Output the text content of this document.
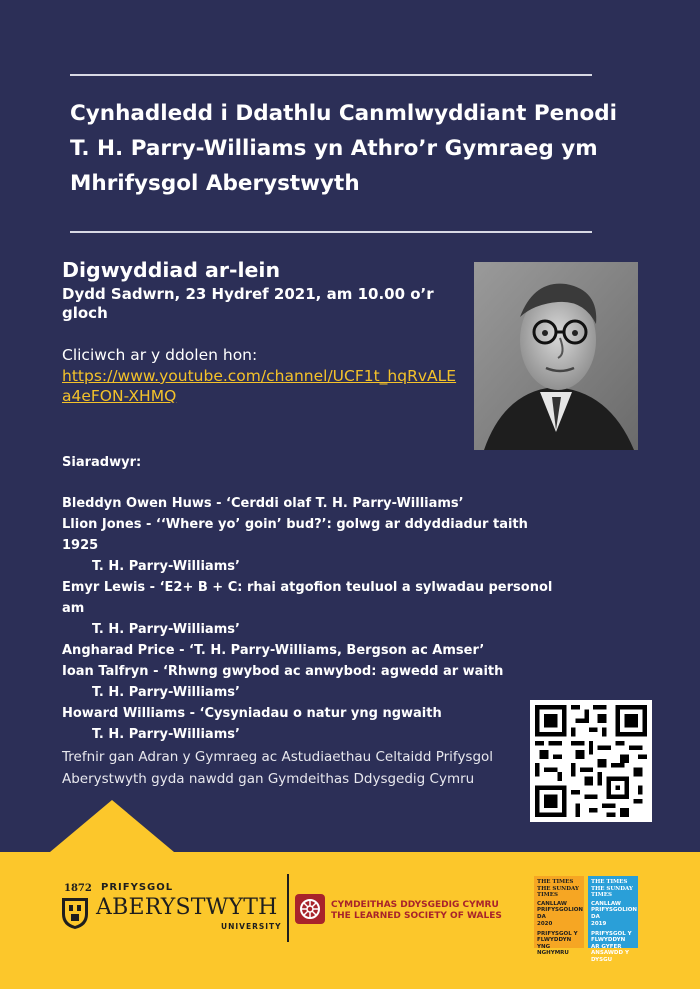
Cynhadledd i Ddathlu Canmlwyddiant Penodi
T. H. Parry-Williams yn Athro’r Gymraeg ym
Mhrifysgol Aberystwyth
Digwyddiad ar-lein
Dydd Sadwrn, 23 Hydref 2021, am 10.00 o’r gloch
Cliciwch ar y ddolen hon:
https://www.youtube.com/channel/UCF1t_hqRvALEa4eFON-XHMQ
Siaradwyr:

Bleddyn Owen Huws - ‘Cerddi olaf T. H. Parry-Williams’

Llion Jones - ‘‘Where yo’ goin’ bud?’: golwg ar ddyddiadur taith 1925
T. H. Parry-Williams’

Emyr Lewis - ‘E2+ B + C: rhai atgofion teuluol a sylwadau personol am
T. H. Parry-Williams’

Angharad Price - ‘T. H. Parry-Williams, Bergson ac Amser’

Ioan Talfryn - ‘Rhwng gwybod ac anwybod: agwedd ar waith
T. H. Parry-Williams’

Howard Williams - ‘Cysyniadau o natur yng ngwaith
T. H. Parry-Williams’

Trefnir gan Adran y Gymraeg ac Astudiaethau Celtaidd Prifysgol Aberystwyth gyda nawdd gan Gymdeithas Ddysgedig Cymru
1872 PRIFYSGOL
ABERYSTWYTH
UNIVERSITY
CYMDEITHAS DDYSGEDIG CYMRU
THE LEARNED SOCIETY OF WALES
THE TIMES THE SUNDAY TIMES
CANLLAW PRIFYSGOLION DA
2020
PRIFYSGOL Y FLWYDDYN YNG NGHYMRU
THE TIMES THE SUNDAY TIMES
CANLLAW PRIFYSGOLION DA
2019
PRIFYSGOL Y FLWYDDYN AR GYFER ANSAWDD Y DYSGU
